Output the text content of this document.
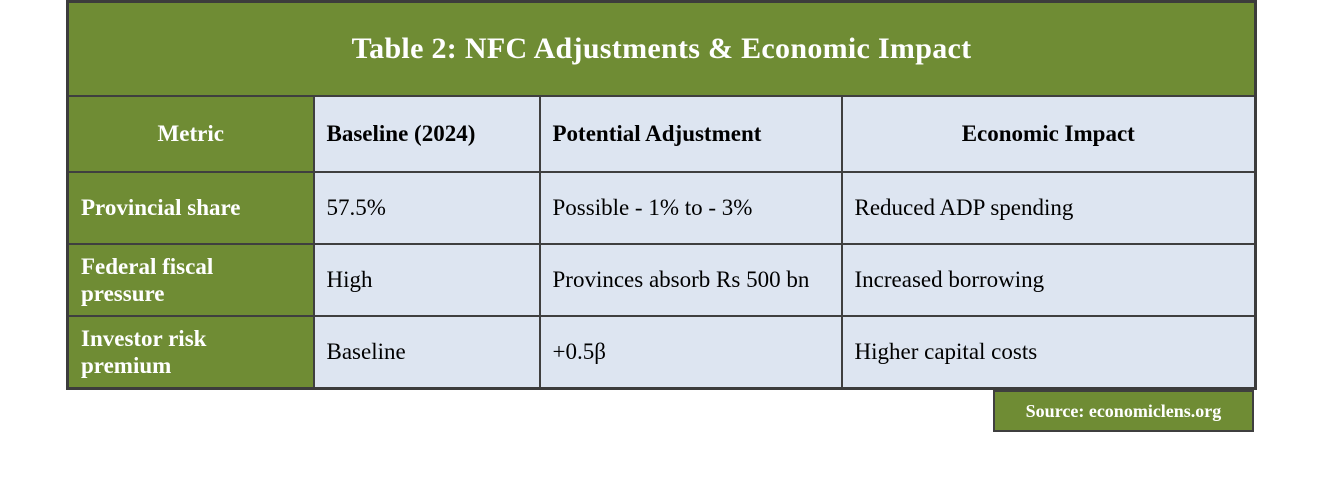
Table 2: NFC Adjustments & Economic Impact			
Metric	Baseline (2024)	Potential Adjustment	Economic Impact
Provincial share	57.5%	Possible - 1% to - 3%	Reduced ADP spending
Federal fiscal pressure	High	Provinces absorb Rs 500 bn	Increased borrowing
Investor risk premium	Baseline	+0.5β	Higher capital costs
Source: economiclens.org
